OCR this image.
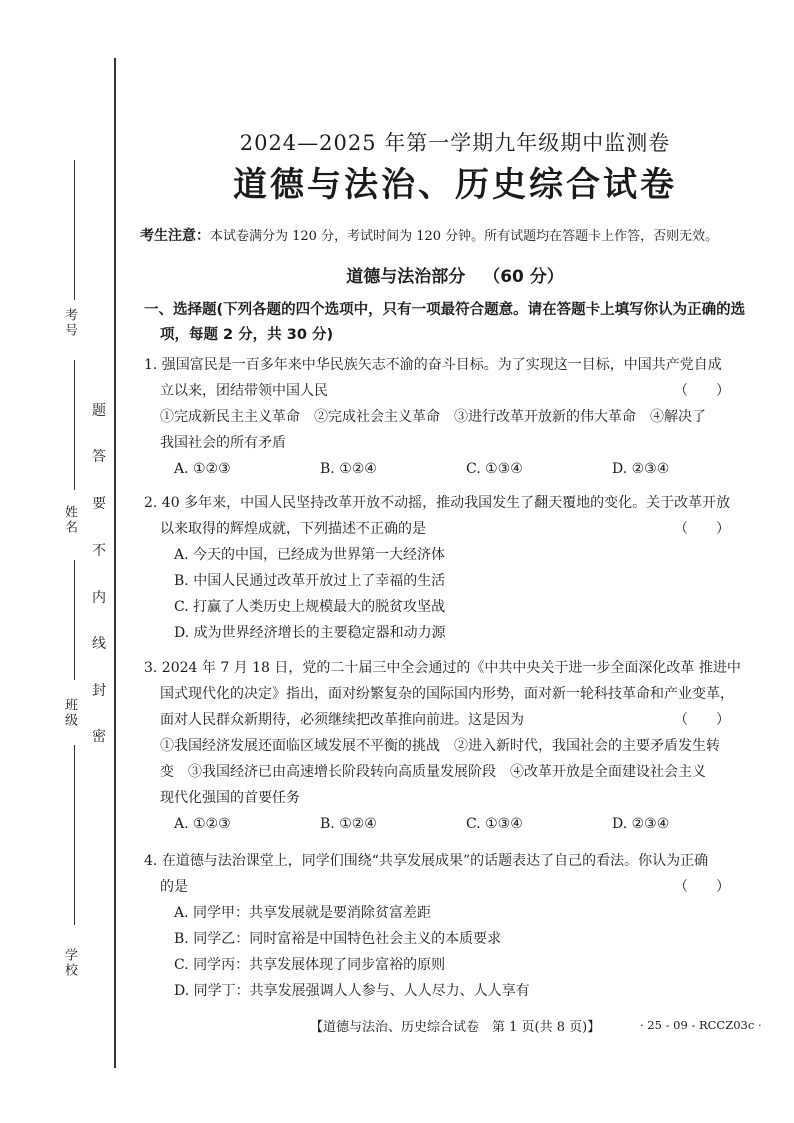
考号
姓名
班级
学校
题
答
要
不
内
线
封
密
2024—2025 年第一学期九年级期中监测卷
道德与法治、历史综合试卷
考生注意：本试卷满分为 120 分，考试时间为 120 分钟。所有试题均在答题卡上作答，否则无效。
道德与法治部分 （60 分）
一、选择题(下列各题的四个选项中，只有一项最符合题意。请在答题卡上填写你认为正确的选
项，每题 2 分，共 30 分)
1. 强国富民是一百多年来中华民族矢志不渝的奋斗目标。为了实现这一目标，中国共产党自成
立以来，团结带领中国人民	（　　）
①完成新民主主义革命　②完成社会主义革命　③进行改革开放新的伟大革命　④解决了
我国社会的所有矛盾
A. ①②③	B. ①②④	C. ①③④	D. ②③④
2. 40 多年来，中国人民坚持改革开放不动摇，推动我国发生了翻天覆地的变化。关于改革开放
以来取得的辉煌成就，下列描述不正确的是	（　　）
A. 今天的中国，已经成为世界第一大经济体
B. 中国人民通过改革开放过上了幸福的生活
C. 打赢了人类历史上规模最大的脱贫攻坚战
D. 成为世界经济增长的主要稳定器和动力源
3. 2024 年 7 月 18 日，党的二十届三中全会通过的《中共中央关于进一步全面深化改革 推进中
国式现代化的决定》指出，面对纷繁复杂的国际国内形势，面对新一轮科技革命和产业变革，
面对人民群众新期待，必须继续把改革推向前进。这是因为	（　　）
①我国经济发展还面临区域发展不平衡的挑战　②进入新时代，我国社会的主要矛盾发生转
变　③我国经济已由高速增长阶段转向高质量发展阶段　④改革开放是全面建设社会主义
现代化强国的首要任务
A. ①②③	B. ①②④	C. ①③④	D. ②③④
4. 在道德与法治课堂上，同学们围绕“共享发展成果”的话题表达了自己的看法。你认为正确
的是	（　　）
A. 同学甲：共享发展就是要消除贫富差距
B. 同学乙：同时富裕是中国特色社会主义的本质要求
C. 同学丙：共享发展体现了同步富裕的原则
D. 同学丁：共享发展强调人人参与、人人尽力、人人享有
【道德与法治、历史综合试卷　第 1 页(共 8 页)】	· 25 - 09 - RCCZ03c ·
